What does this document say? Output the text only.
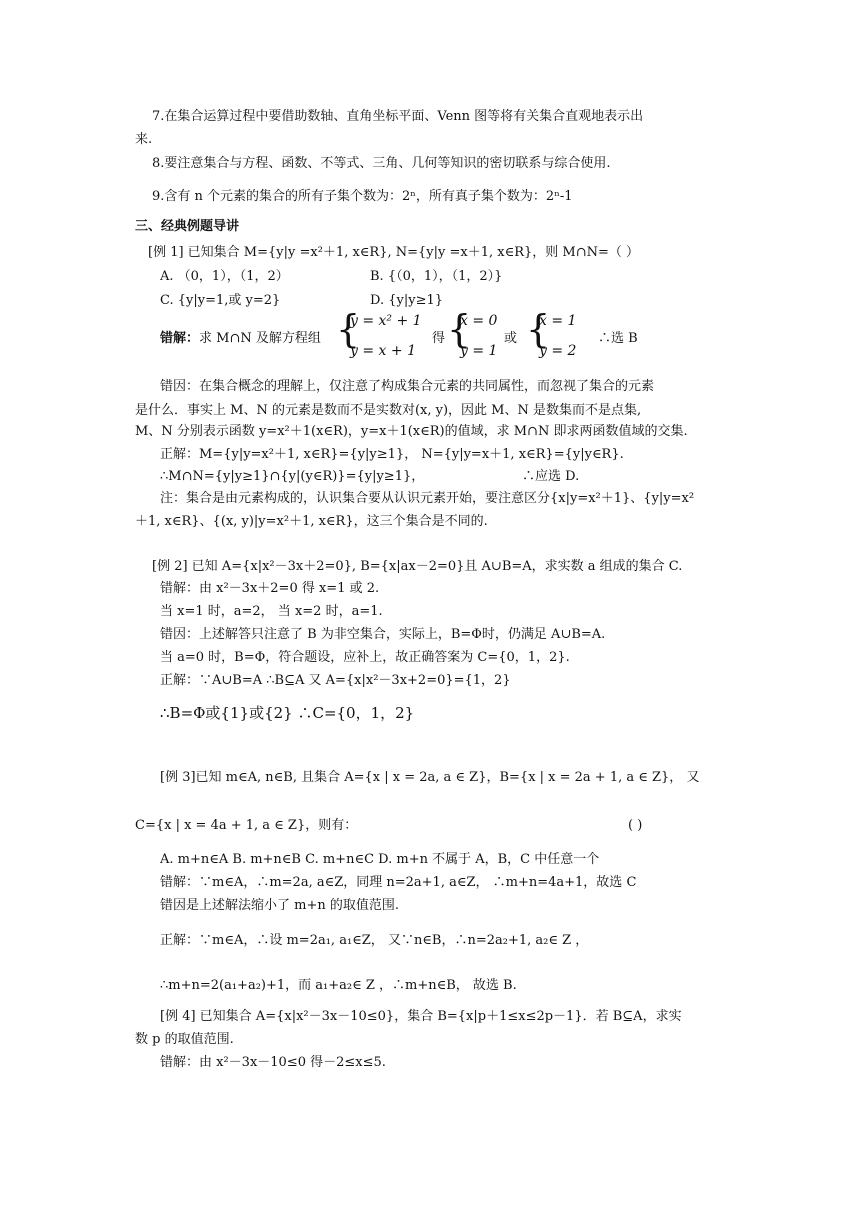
7.在集合运算过程中要借助数轴、直角坐标平面、Venn 图等将有关集合直观地表示出
来.
8.要注意集合与方程、函数、不等式、三角、几何等知识的密切联系与综合使用.
9.含有 n 个元素的集合的所有子集个数为：2ⁿ，所有真子集个数为：2ⁿ-1
三、经典例题导讲
[例 1] 已知集合 M={y|y =x²＋1, x∈R}, N={y|y =x＋1, x∈R}，则 M∩N=（ ）
A. （0，1），（1，2）	B. {（0，1），（1，2）}
C. {y|y=1,或 y=2}	D. {y|y≥1}
错解：求 M∩N 及解方程组 {
y = x² + 1
y = x + 1
得 {
x = 0
y = 1
或 {
x = 1
y = 2
∴选 B
错因：在集合概念的理解上，仅注意了构成集合元素的共同属性，而忽视了集合的元素
是什么．事实上 M、N 的元素是数而不是实数对(x, y)，因此 M、N 是数集而不是点集,
M、N 分别表示函数 y=x²＋1(x∈R)，y=x＋1(x∈R)的值域，求 M∩N 即求两函数值域的交集.
正解：M={y|y=x²＋1, x∈R}={y|y≥1}， N={y|y=x＋1, x∈R}={y|y∈R}.
∴M∩N={y|y≥1}∩{y|(y∈R)}={y|y≥1}，	∴应选 D.
注：集合是由元素构成的，认识集合要从认识元素开始，要注意区分{x|y=x²＋1}、{y|y=x²
＋1, x∈R}、{(x, y)|y=x²＋1, x∈R}，这三个集合是不同的.
[例 2] 已知 A={x|x²－3x＋2=0}, B={x|ax－2=0}且 A∪B=A，求实数 a 组成的集合 C.
错解：由 x²－3x＋2=0 得 x=1 或 2.
当 x=1 时，a=2， 当 x=2 时，a=1.
错因：上述解答只注意了 B 为非空集合，实际上，B=Φ时，仍满足 A∪B=A.
当 a=0 时，B=Φ，符合题设，应补上，故正确答案为 C={0，1，2}.
正解：∵A∪B=A ∴B⊆A 又 A={x|x²－3x+2=0}={1，2}
∴B=Φ或{1}或{2} ∴C={0，1，2}
[例 3]已知 m∈A, n∈B, 且集合 A={x | x = 2a, a ∈ Z}，B={x | x = 2a + 1, a ∈ Z}， 又
C={x | x = 4a + 1, a ∈ Z}，则有：	( )
A. m+n∈A B. m+n∈B C. m+n∈C D. m+n 不属于 A，B，C 中任意一个
错解：∵m∈A，∴m=2a, a∈Z，同理 n=2a+1, a∈Z， ∴m+n=4a+1，故选 C
错因是上述解法缩小了 m+n 的取值范围.
正解：∵m∈A，∴设 m=2a₁, a₁∈Z， 又∵n∈B，∴n=2a₂+1, a₂∈ Z ，
∴m+n=2(a₁+a₂)+1，而 a₁+a₂∈ Z ，∴m+n∈B， 故选 B.
[例 4] 已知集合 A={x|x²－3x－10≤0}，集合 B={x|p＋1≤x≤2p－1}．若 B⊆A，求实
数 p 的取值范围.
错解：由 x²－3x－10≤0 得－2≤x≤5.
